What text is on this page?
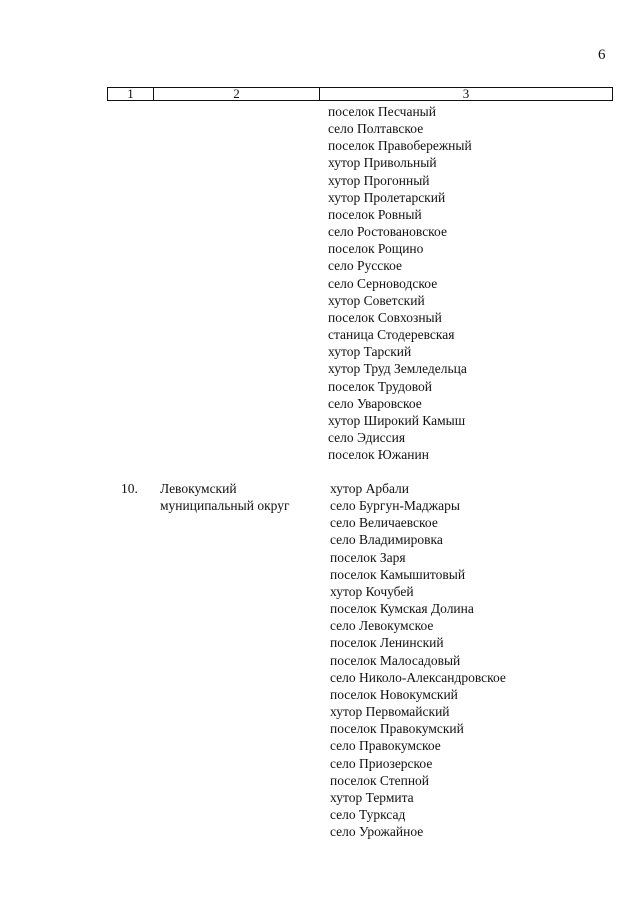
6
1	2	3
поселок Песчаный
село Полтавское
поселок Правобережный
хутор Привольный
хутор Прогонный
хутор Пролетарский
поселок Ровный
село Ростовановское
поселок Рощино
село Русское
село Серноводское
хутор Советский
поселок Совхозный
станица Стодеревская
хутор Тарский
хутор Труд Земледельца
поселок Трудовой
село Уваровское
хутор Широкий Камыш
село Эдиссия
поселок Южанин
10. Левокумский
муниципальный округ
хутор Арбали
село Бургун-Маджары
село Величаевское
село Владимировка
поселок Заря
поселок Камышитовый
хутор Кочубей
поселок Кумская Долина
село Левокумское
поселок Ленинский
поселок Малосадовый
село Николо-Александровское
поселок Новокумский
хутор Первомайский
поселок Правокумский
село Правокумское
село Приозерское
поселок Степной
хутор Термита
село Турксад
село Урожайное
